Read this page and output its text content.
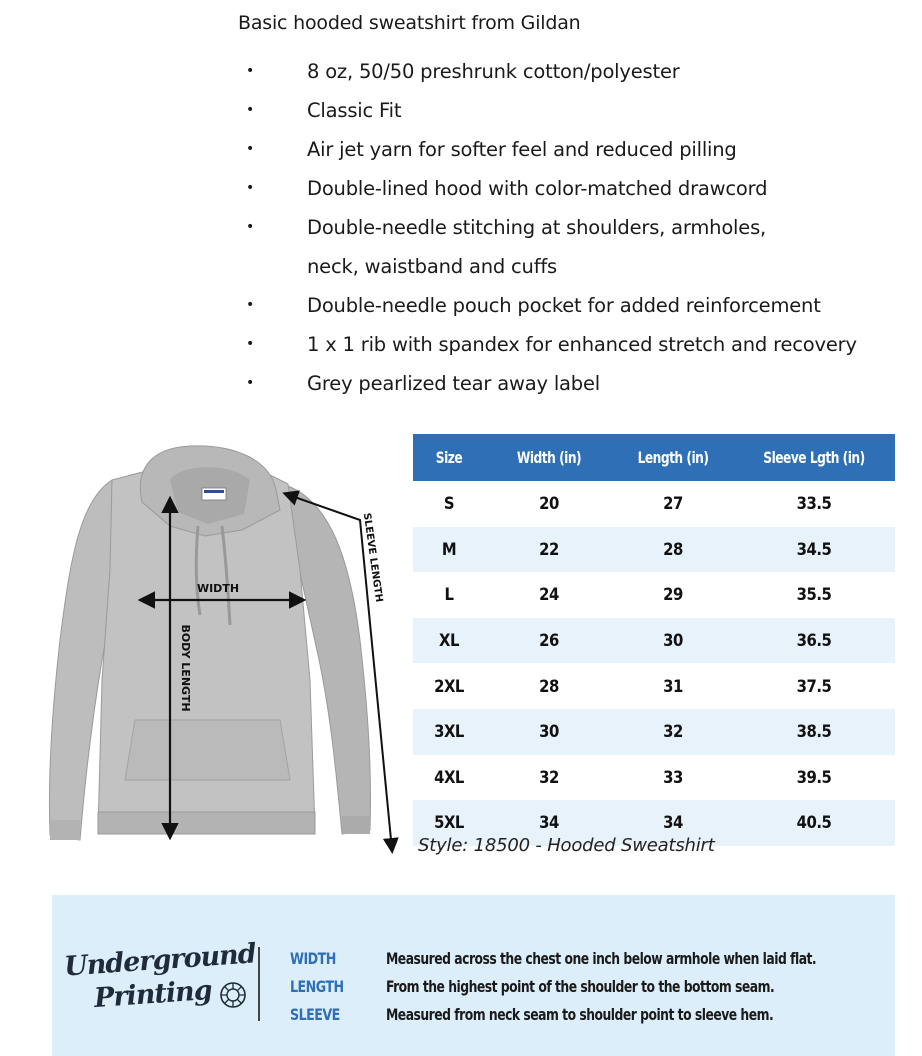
Basic hooded sweatshirt from Gildan
•	8 oz, 50/50 preshrunk cotton/polyester
•	Classic Fit
•	Air jet yarn for softer feel and reduced pilling
•	Double-lined hood with color-matched drawcord
•	Double-needle stitching at shoulders, armholes,
neck, waistband and cuffs
•	Double-needle pouch pocket for added reinforcement
•	1 x 1 rib with spandex for enhanced stretch and recovery
•	Grey pearlized tear away label
WIDTH
BODY LENGTH
SLEEVE LENGTH
Size	Width (in)	Length (in)	Sleeve Lgth (in)
S	20	27	33.5
M	22	28	34.5
L	24	29	35.5
XL	26	30	36.5
2XL	28	31	37.5
3XL	30	32	38.5
4XL	32	33	39.5
5XL	34	34	40.5
Style: 18500 - Hooded Sweatshirt
Underground
Printing
WIDTH	Measured across the chest one inch below armhole when laid flat.
LENGTH	From the highest point of the shoulder to the bottom seam.
SLEEVE	Measured from neck seam to shoulder point to sleeve hem.
